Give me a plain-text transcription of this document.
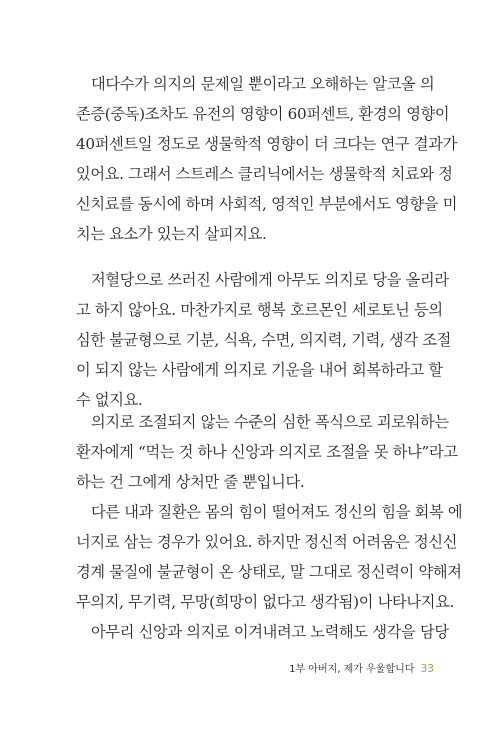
대다수가 의지의 문제일 뿐이라고 오해하는 알코올 의
존증(중독)조차도 유전의 영향이 60퍼센트, 환경의 영향이
40퍼센트일 정도로 생물학적 영향이 더 크다는 연구 결과가
있어요. 그래서 스트레스 클리닉에서는 생물학적 치료와 정
신치료를 동시에 하며 사회적, 영적인 부분에서도 영향을 미
치는 요소가 있는지 살피지요.
저혈당으로 쓰러진 사람에게 아무도 의지로 당을 올리라
고 하지 않아요. 마찬가지로 행복 호르몬인 세로토닌 등의
심한 불균형으로 기분, 식욕, 수면, 의지력, 기력, 생각 조절
이 되지 않는 사람에게 의지로 기운을 내어 회복하라고 할
수 없지요.
의지로 조절되지 않는 수준의 심한 폭식으로 괴로워하는
환자에게 “먹는 것 하나 신앙과 의지로 조절을 못 하냐”라고
하는 건 그에게 상처만 줄 뿐입니다.
다른 내과 질환은 몸의 힘이 떨어져도 정신의 힘을 회복 에
너지로 삼는 경우가 있어요. 하지만 정신적 어려움은 정신신
경계 물질에 불균형이 온 상태로, 말 그대로 정신력이 약해져
무의지, 무기력, 무망(희망이 없다고 생각됨)이 나타나지요.
아무리 신앙과 의지로 이겨내려고 노력해도 생각을 담당
1부 아버지, 제가 우울합니다 33
